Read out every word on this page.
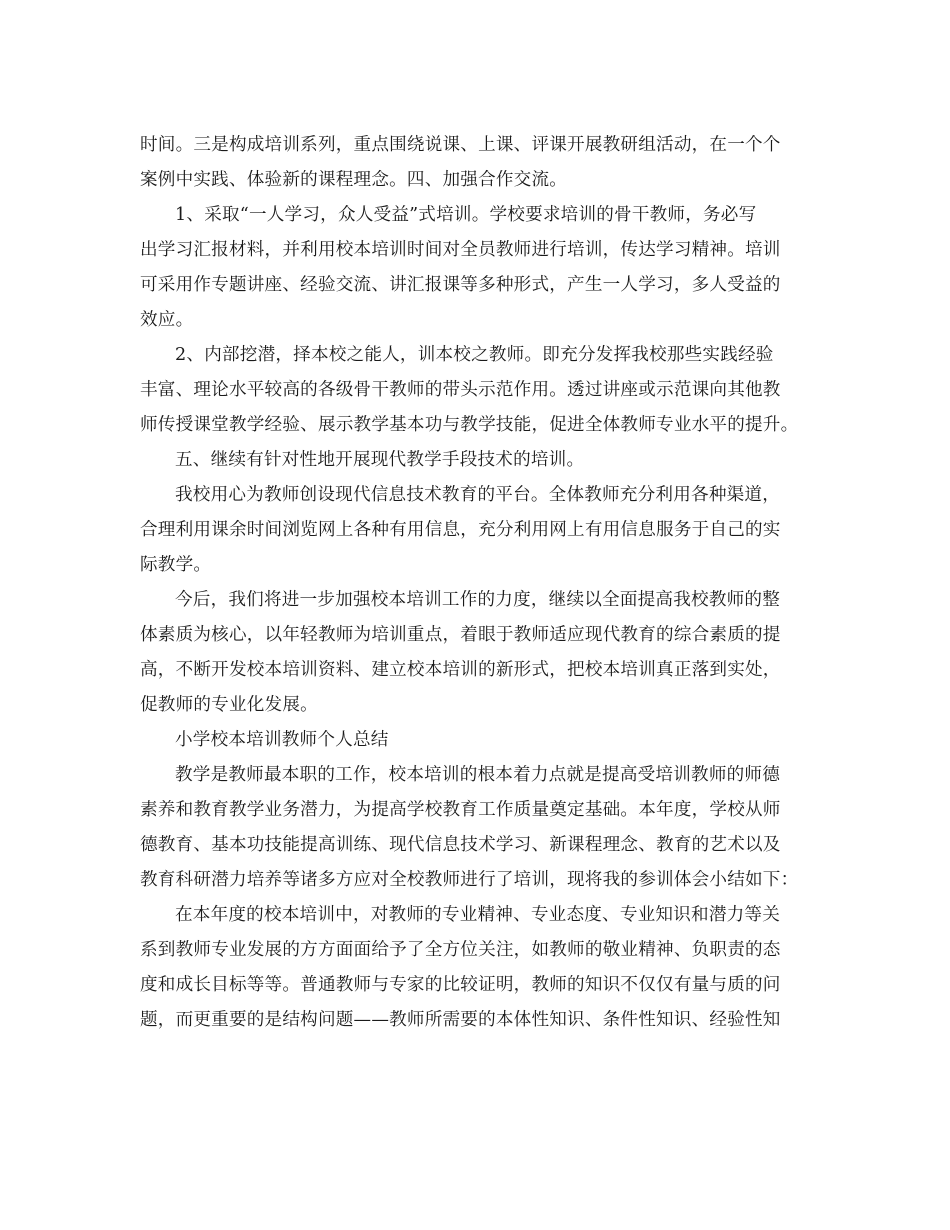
时间。三是构成培训系列，重点围绕说课、上课、评课开展教研组活动，在一个个
案例中实践、体验新的课程理念。四、加强合作交流。
1、采取“一人学习，众人受益”式培训。学校要求培训的骨干教师，务必写
出学习汇报材料，并利用校本培训时间对全员教师进行培训，传达学习精神。培训
可采用作专题讲座、经验交流、讲汇报课等多种形式，产生一人学习，多人受益的
效应。
2、内部挖潜，择本校之能人，训本校之教师。即充分发挥我校那些实践经验
丰富、理论水平较高的各级骨干教师的带头示范作用。透过讲座或示范课向其他教
师传授课堂教学经验、展示教学基本功与教学技能，促进全体教师专业水平的提升。
五、继续有针对性地开展现代教学手段技术的培训。
我校用心为教师创设现代信息技术教育的平台。全体教师充分利用各种渠道，
合理利用课余时间浏览网上各种有用信息，充分利用网上有用信息服务于自己的实
际教学。
今后，我们将进一步加强校本培训工作的力度，继续以全面提高我校教师的整
体素质为核心，以年轻教师为培训重点，着眼于教师适应现代教育的综合素质的提
高，不断开发校本培训资料、建立校本培训的新形式，把校本培训真正落到实处，
促教师的专业化发展。
小学校本培训教师个人总结
教学是教师最本职的工作，校本培训的根本着力点就是提高受培训教师的师德
素养和教育教学业务潜力，为提高学校教育工作质量奠定基础。本年度，学校从师
德教育、基本功技能提高训练、现代信息技术学习、新课程理念、教育的艺术以及
教育科研潜力培养等诸多方应对全校教师进行了培训，现将我的参训体会小结如下：
在本年度的校本培训中，对教师的专业精神、专业态度、专业知识和潜力等关
系到教师专业发展的方方面面给予了全方位关注，如教师的敬业精神、负职责的态
度和成长目标等等。普通教师与专家的比较证明，教师的知识不仅仅有量与质的问
题，而更重要的是结构问题——教师所需要的本体性知识、条件性知识、经验性知
